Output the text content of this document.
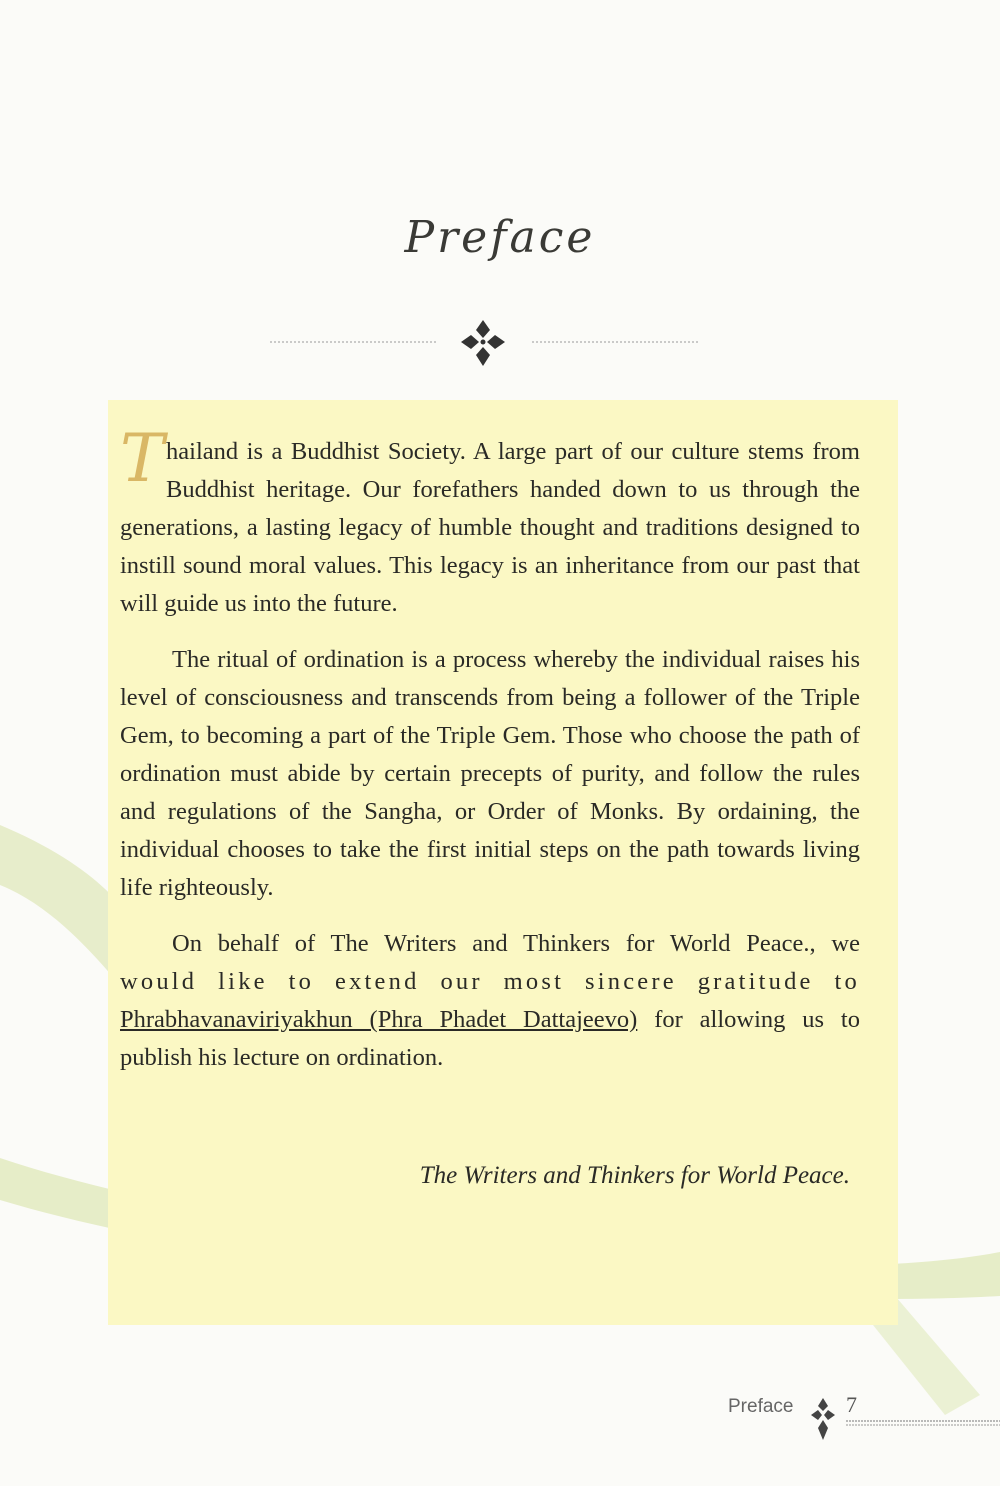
Preface

Thailand is a Buddhist Society. A large part of our culture stems from Buddhist heritage. Our forefathers handed down to us through the generations, a lasting legacy of humble thought and traditions designed to instill sound moral values. This legacy is an inheritance from our past that will guide us into the future.

The ritual of ordination is a process whereby the individual raises his level of consciousness and transcends from being a follower of the Triple Gem, to becoming a part of the Triple Gem. Those who choose the path of ordination must abide by certain precepts of purity, and follow the rules and regulations of the Sangha, or Order of Monks. By ordaining, the individual chooses to take the first initial steps on the path towards living life righteously.

On behalf of The Writers and Thinkers for World Peace., we would like to extend our most sincere gratitude to Phrabhavanaviriyakhun (Phra Phadet Dattajeevo) for allowing us to publish his lecture on ordination.

The Writers and Thinkers for World Peace.
Preface 7
